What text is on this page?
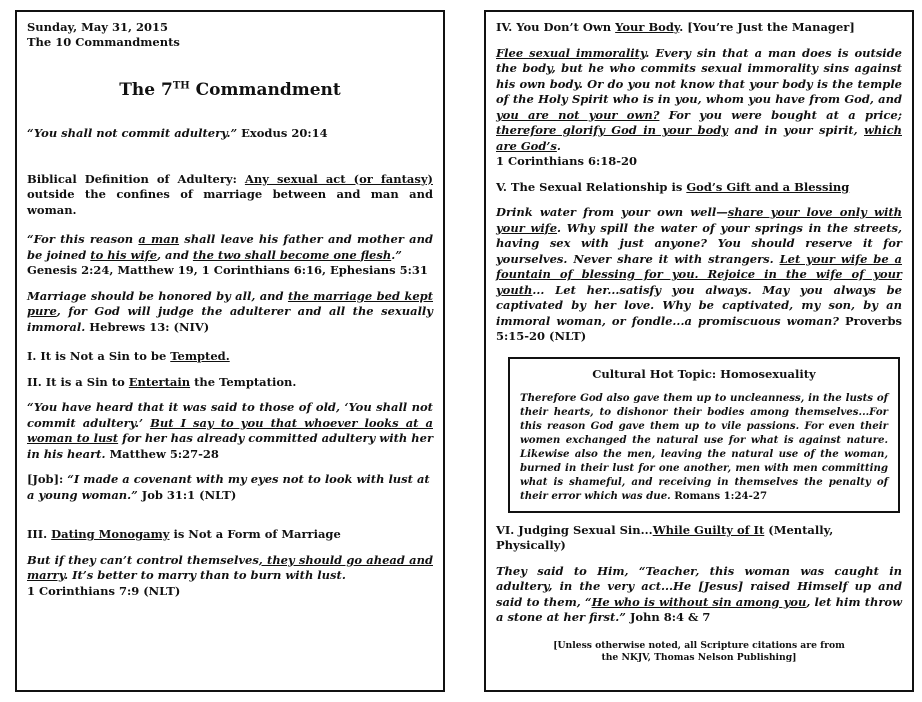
Sunday, May 31, 2015

The 10 Commandments

The 7TH Commandment

“You shall not commit adultery.” Exodus 20:14

Biblical Definition of Adultery: Any sexual act (or fantasy) outside the confines of marriage between and man and woman.

“For this reason a man shall leave his father and mother and be joined to his wife, and the two shall become one flesh.”

Genesis 2:24, Matthew 19, 1 Corinthians 6:16, Ephesians 5:31

Marriage should be honored by all, and the marriage bed kept pure, for God will judge the adulterer and all the sexually immoral. Hebrews 13: (NIV)

I. It is Not a Sin to be Tempted.

II. It is a Sin to Entertain the Temptation.

“You have heard that it was said to those of old, ‘You shall not commit adultery.’ But I say to you that whoever looks at a woman to lust for her has already committed adultery with her in his heart. Matthew 5:27-28

[Job]: “I made a covenant with my eyes not to look with lust at a young woman.” Job 31:1 (NLT)

III. Dating Monogamy is Not a Form of Marriage

But if they can’t control themselves, they should go ahead and marry. It’s better to marry than to burn with lust.

1 Corinthians 7:9 (NLT)

IV. You Don’t Own Your Body. [You’re Just the Manager]

Flee sexual immorality. Every sin that a man does is outside the body, but he who commits sexual immorality sins against his own body. Or do you not know that your body is the temple of the Holy Spirit who is in you, whom you have from God, and you are not your own? For you were bought at a price; therefore glorify God in your body and in your spirit, which are God’s.

1 Corinthians 6:18-20

V. The Sexual Relationship is God’s Gift and a Blessing

Drink water from your own well—share your love only with your wife. Why spill the water of your springs in the streets, having sex with just anyone? You should reserve it for yourselves. Never share it with strangers. Let your wife be a fountain of blessing for you. Rejoice in the wife of your youth... Let her...satisfy you always. May you always be captivated by her love. Why be captivated, my son, by an immoral woman, or fondle...a promiscuous woman? Proverbs 5:15-20 (NLT)

Cultural Hot Topic: Homosexuality

Therefore God also gave them up to uncleanness, in the lusts of their hearts, to dishonor their bodies among themselves...For this reason God gave them up to vile passions. For even their women exchanged the natural use for what is against nature. Likewise also the men, leaving the natural use of the woman, burned in their lust for one another, men with men committing what is shameful, and receiving in themselves the penalty of their error which was due. Romans 1:24-27

VI. Judging Sexual Sin...While Guilty of It (Mentally, Physically)

They said to Him, “Teacher, this woman was caught in adultery, in the very act...He [Jesus] raised Himself up and said to them, “He who is without sin among you, let him throw a stone at her first.” John 8:4 & 7

[Unless otherwise noted, all Scripture citations are from
the NKJV, Thomas Nelson Publishing]
